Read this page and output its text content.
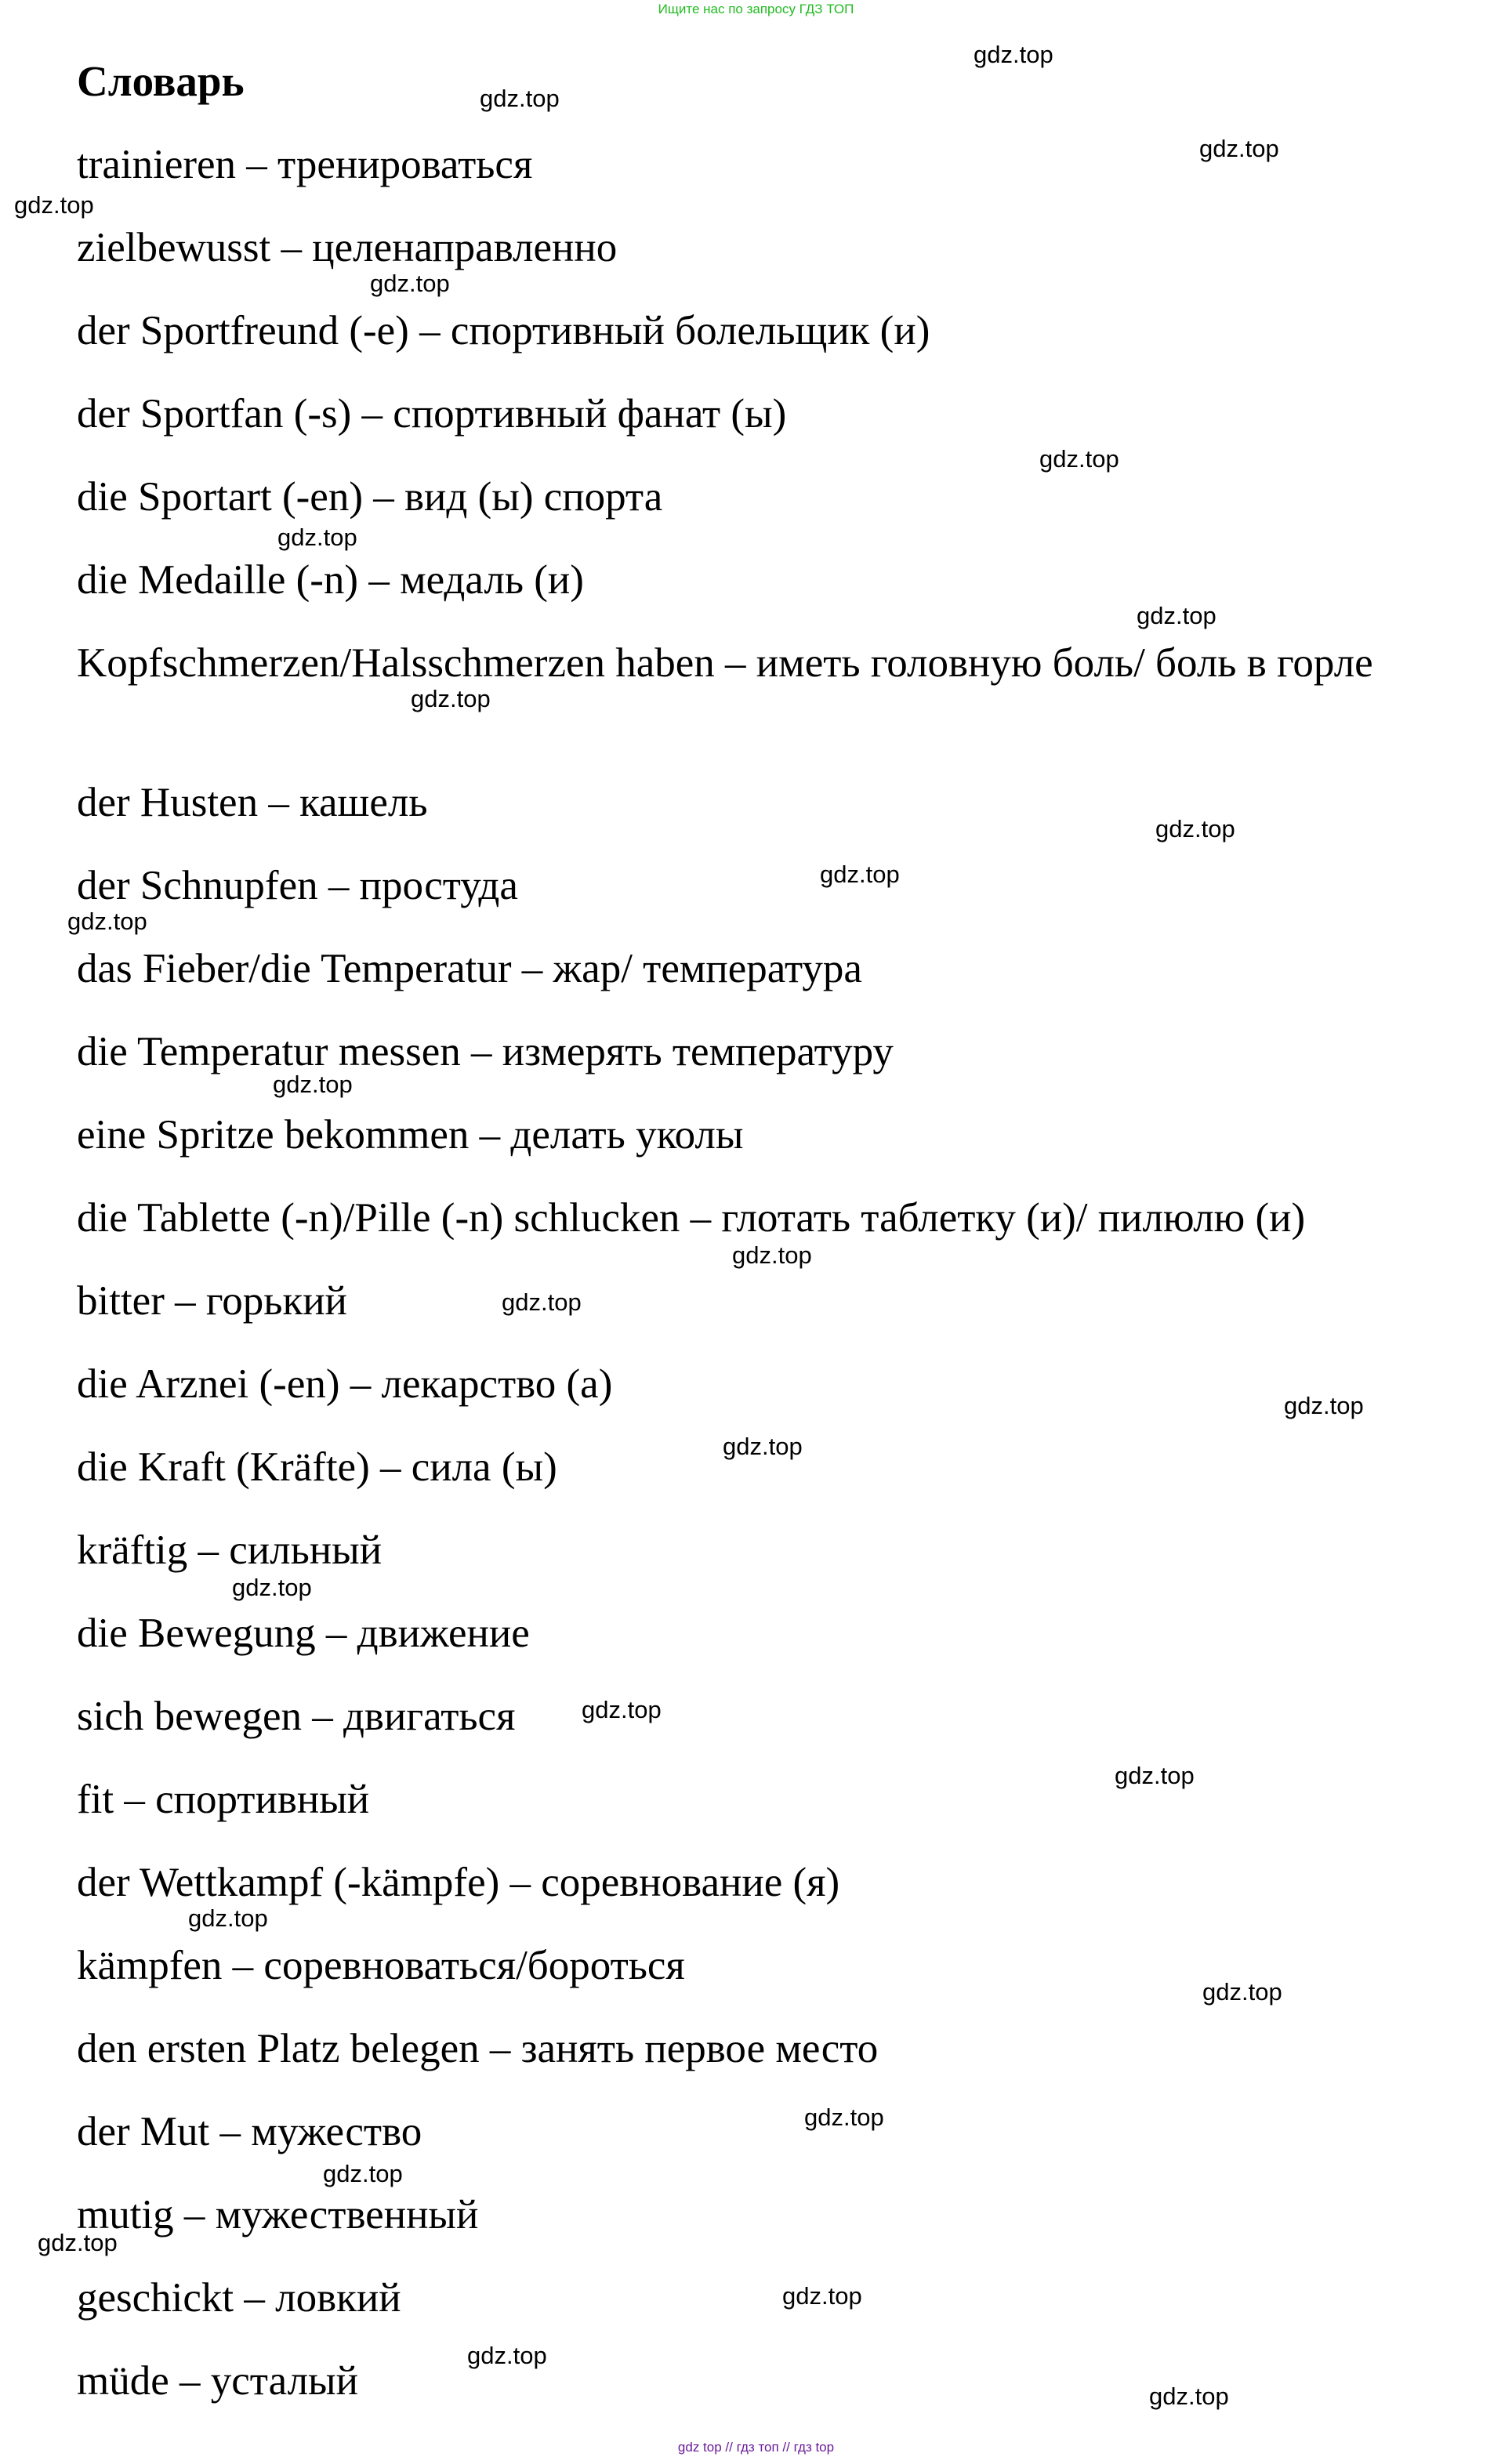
Ищите нас по запросу ГДЗ ТОП
Словарь

trainieren – тренироваться

zielbewusst – целенаправленно

der Sportfreund (-e) – спортивный болельщик (и)

der Sportfan (-s) – спортивный фанат (ы)

die Sportart (-en) – вид (ы) спорта

die Medaille (-n) – медаль (и)

Kopfschmerzen/Halsschmerzen haben – иметь головную боль/ боль в горле

der Husten – кашель

der Schnupfen – простуда

das Fieber/die Temperatur – жар/ температура

die Temperatur messen – измерять температуру

eine Spritze bekommen – делать уколы

die Tablette (-n)/Pille (-n) schlucken – глотать таблетку (и)/ пилюлю (и)

bitter – горький

die Arznei (-en) – лекарство (а)

die Kraft (Kräfte) – сила (ы)

kräftig – сильный

die Bewegung – движение

sich bewegen – двигаться

fit – спортивный

der Wettkampf (-kämpfe) – соревнование (я)

kämpfen – соревноваться/бороться

den ersten Platz belegen – занять первое место

der Mut – мужество

mutig – мужественный

geschickt – ловкий

müde – усталый

gdz.top
gdz.top
gdz.top
gdz.top
gdz.top
gdz.top
gdz.top
gdz.top
gdz.top
gdz.top
gdz.top
gdz.top
gdz.top
gdz.top
gdz.top
gdz.top
gdz.top
gdz.top
gdz.top
gdz.top
gdz.top
gdz.top
gdz.top
gdz.top
gdz.top
gdz.top
gdz.top
gdz.top
gdz top // гдз топ // гдз top
